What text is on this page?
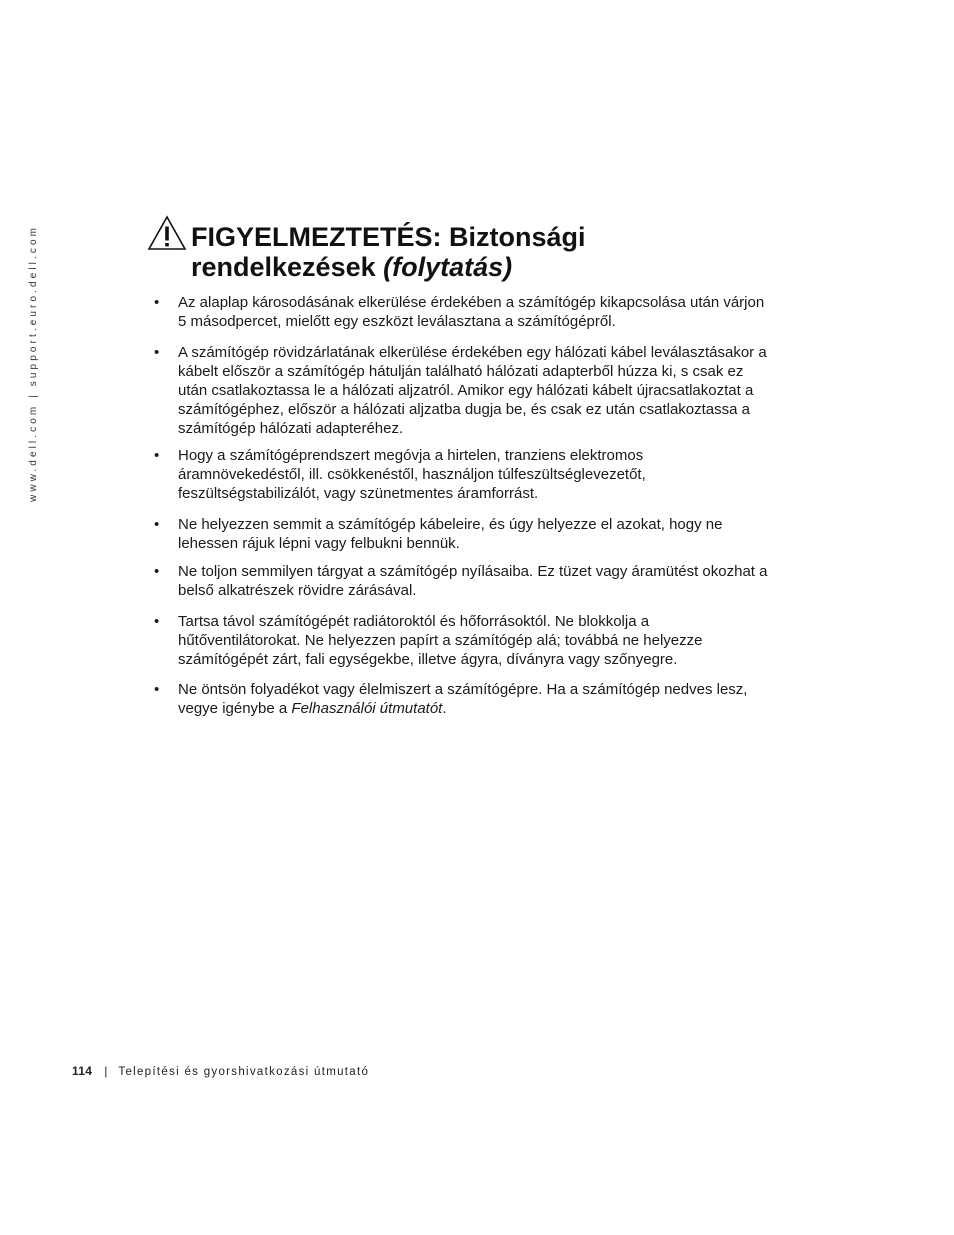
www.dell.com | support.euro.dell.com	FIGYELMEZTETÉS: Biztonsági
rendelkezések (folytatás)
• Az alaplap károsodásának elkerülése érdekében a számítógép kikapcsolása után várjon 5 másodpercet, mielőtt egy eszközt leválasztana a számítógépről.
• A számítógép rövidzárlatának elkerülése érdekében egy hálózati kábel leválasztásakor a kábelt először a számítógép hátulján található hálózati adapterből húzza ki, s csak ez után csatlakoztassa le a hálózati aljzatról. Amikor egy hálózati kábelt újracsatlakoztat a számítógéphez, először a hálózati aljzatba dugja be, és csak ez után csatlakoztassa a számítógép hálózati adapteréhez.
• Hogy a számítógéprendszert megóvja a hirtelen, tranziens elektromos áramnövekedéstől, ill. csökkenéstől, használjon túlfeszültséglevezetőt, feszültségstabilizálót, vagy szünetmentes áramforrást.
• Ne helyezzen semmit a számítógép kábeleire, és úgy helyezze el azokat, hogy ne lehessen rájuk lépni vagy felbukni bennük.
• Ne toljon semmilyen tárgyat a számítógép nyílásaiba. Ez tüzet vagy áramütést okozhat a belső alkatrészek rövidre zárásával.
• Tartsa távol számítógépét radiátoroktól és hőforrásoktól. Ne blokkolja a hűtőventilátorokat. Ne helyezzen papírt a számítógép alá; továbbá ne helyezze számítógépét zárt, fali egységekbe, illetve ágyra, díványra vagy szőnyegre.
• Ne öntsön folyadékot vagy élelmiszert a számítógépre. Ha a számítógép nedves lesz, vegye igénybe a Felhasználói útmutatót.
114 | Telepítési és gyorshivatkozási útmutató
